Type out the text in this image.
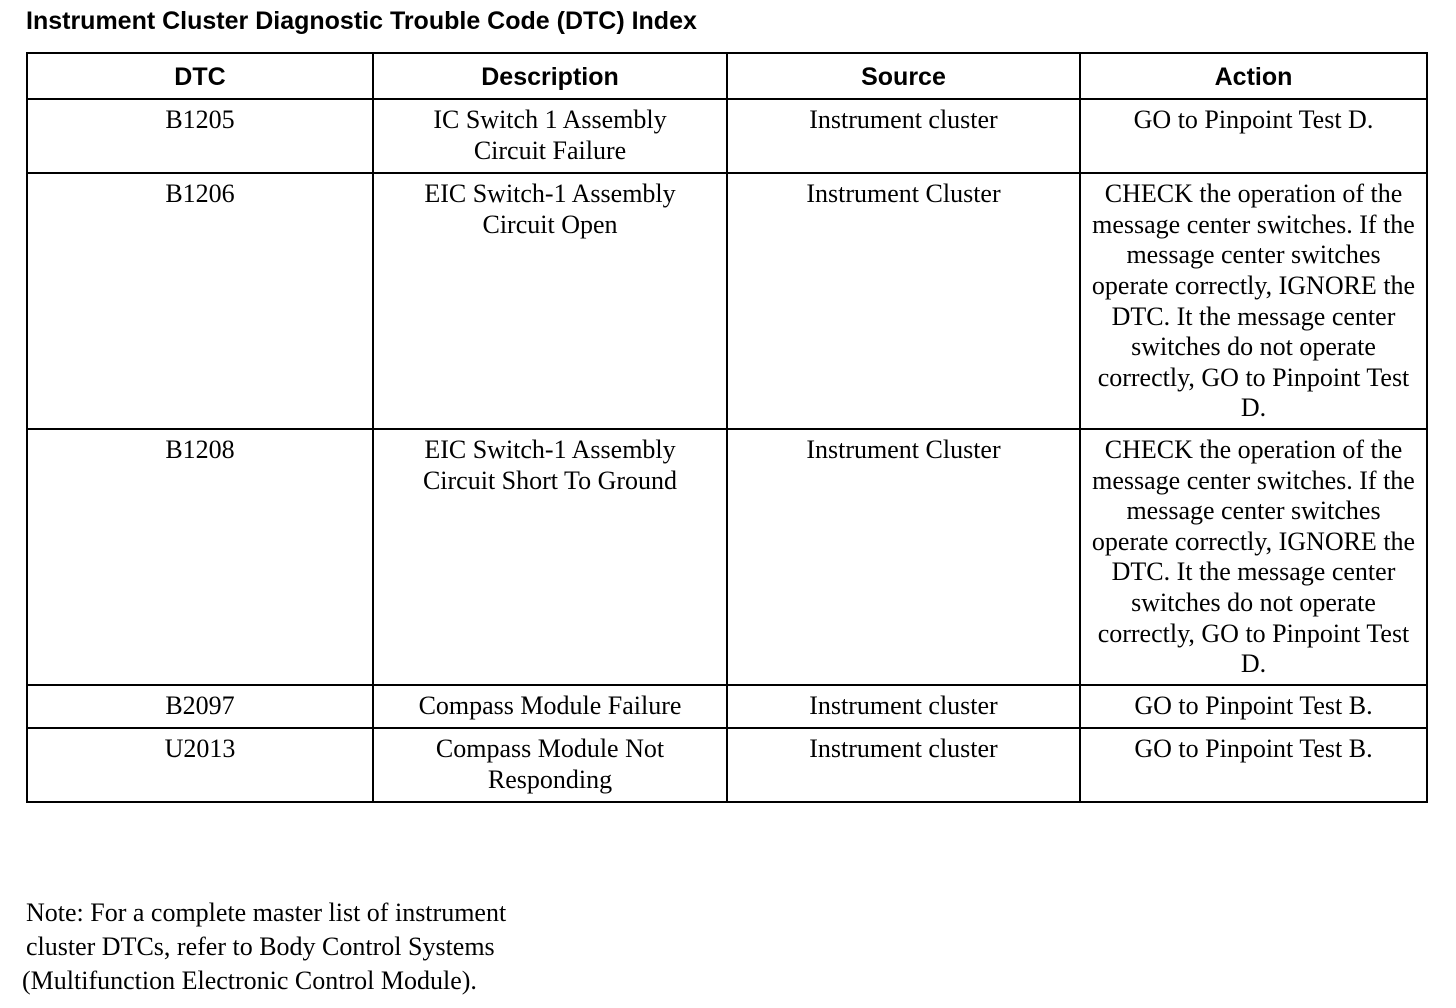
Instrument Cluster Diagnostic Trouble Code (DTC) Index
DTC	Description	Source	Action
B1205	IC Switch 1 Assembly Circuit Failure	Instrument cluster	GO to Pinpoint Test D.
B1206	EIC Switch-1 Assembly Circuit Open	Instrument Cluster	CHECK the operation of the message center switches. If the message center switches operate correctly, IGNORE the DTC. It the message center switches do not operate correctly, GO to Pinpoint Test D.
B1208	EIC Switch-1 Assembly Circuit Short To Ground	Instrument Cluster	CHECK the operation of the message center switches. If the message center switches operate correctly, IGNORE the DTC. It the message center switches do not operate correctly, GO to Pinpoint Test D.
B2097	Compass Module Failure	Instrument cluster	GO to Pinpoint Test B.
U2013	Compass Module Not Responding	Instrument cluster	GO to Pinpoint Test B.
Note: For a complete master list of instrument
cluster DTCs, refer to Body Control Systems
(Multifunction Electronic Control Module).
